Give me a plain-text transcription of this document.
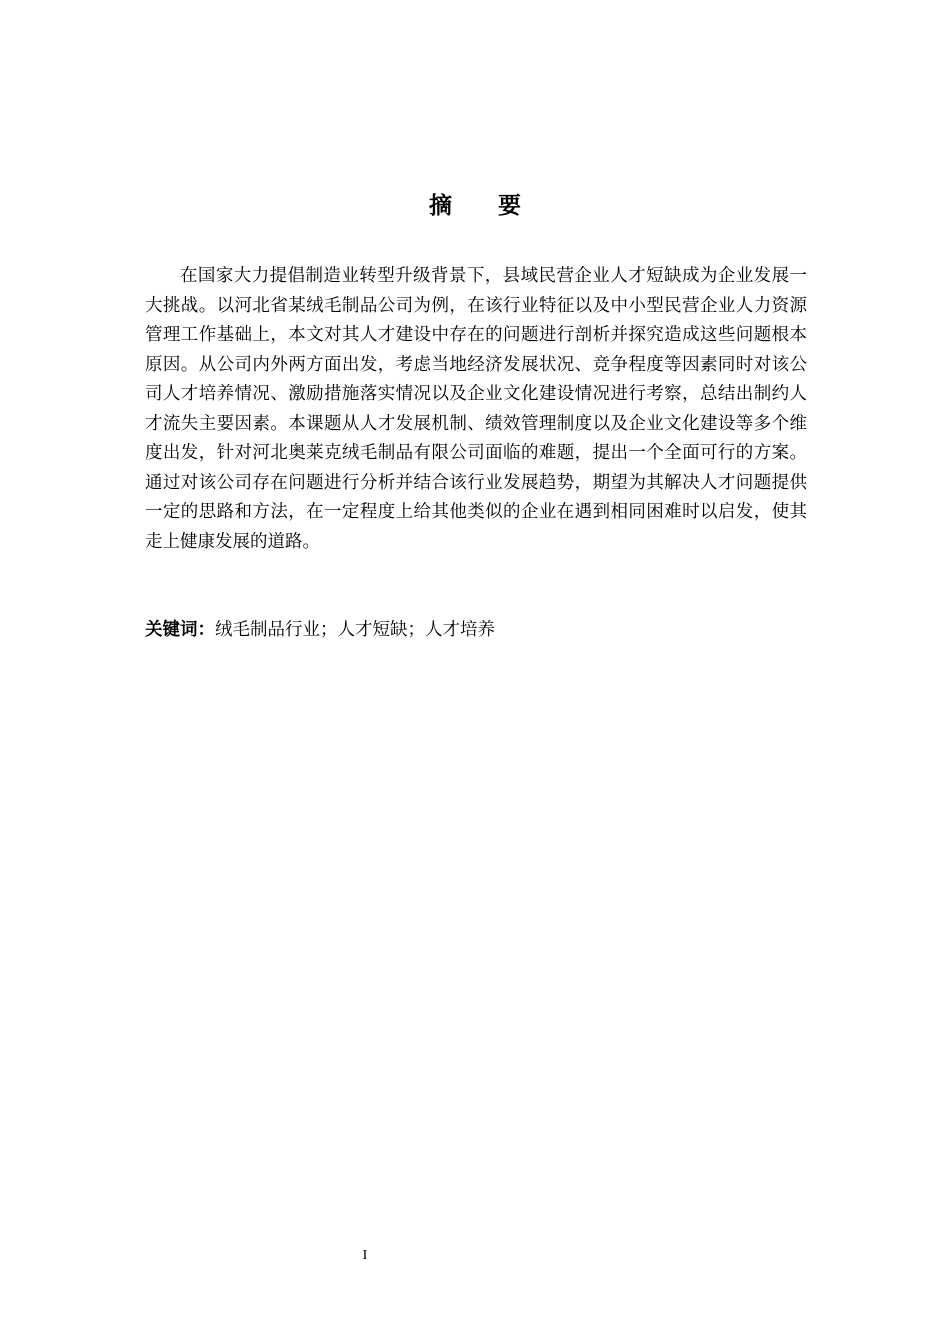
摘 要

在国家大力提倡制造业转型升级背景下，县域民营企业人才短缺成为企业发展一大挑战。以河北省某绒毛制品公司为例，在该行业特征以及中小型民营企业人力资源管理工作基础上，本文对其人才建设中存在的问题进行剖析并探究造成这些问题根本原因。从公司内外两方面出发，考虑当地经济发展状况、竞争程度等因素同时对该公司人才培养情况、激励措施落实情况以及企业文化建设情况进行考察，总结出制约人才流失主要因素。本课题从人才发展机制、绩效管理制度以及企业文化建设等多个维度出发，针对河北奥莱克绒毛制品有限公司面临的难题，提出一个全面可行的方案。通过对该公司存在问题进行分析并结合该行业发展趋势，期望为其解决人才问题提供一定的思路和方法，在一定程度上给其他类似的企业在遇到相同困难时以启发，使其走上健康发展的道路。

关键词：绒毛制品行业；人才短缺；人才培养

I
